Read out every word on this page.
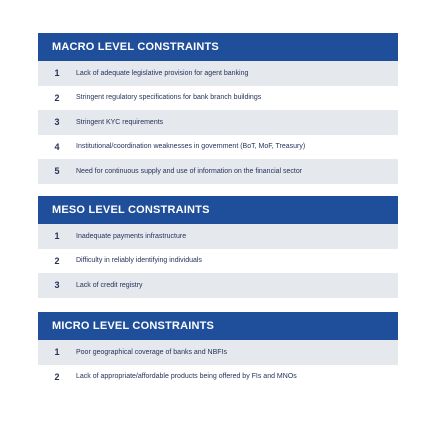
MACRO LEVEL CONSTRAINTS
1	Lack of adequate legislative provision for agent banking
2	Stringent regulatory specifications for bank branch buildings
3	Stringent KYC requirements
4	Institutional/coordination weaknesses in government (BoT, MoF, Treasury)
5	Need for continuous supply and use of information on the financial sector
MESO LEVEL CONSTRAINTS
1	Inadequate payments infrastructure
2	Difficulty in reliably identifying individuals
3	Lack of credit registry
MICRO LEVEL CONSTRAINTS
1	Poor geographical coverage of banks and NBFIs
2	Lack of appropriate/affordable products being offered by FIs and MNOs
